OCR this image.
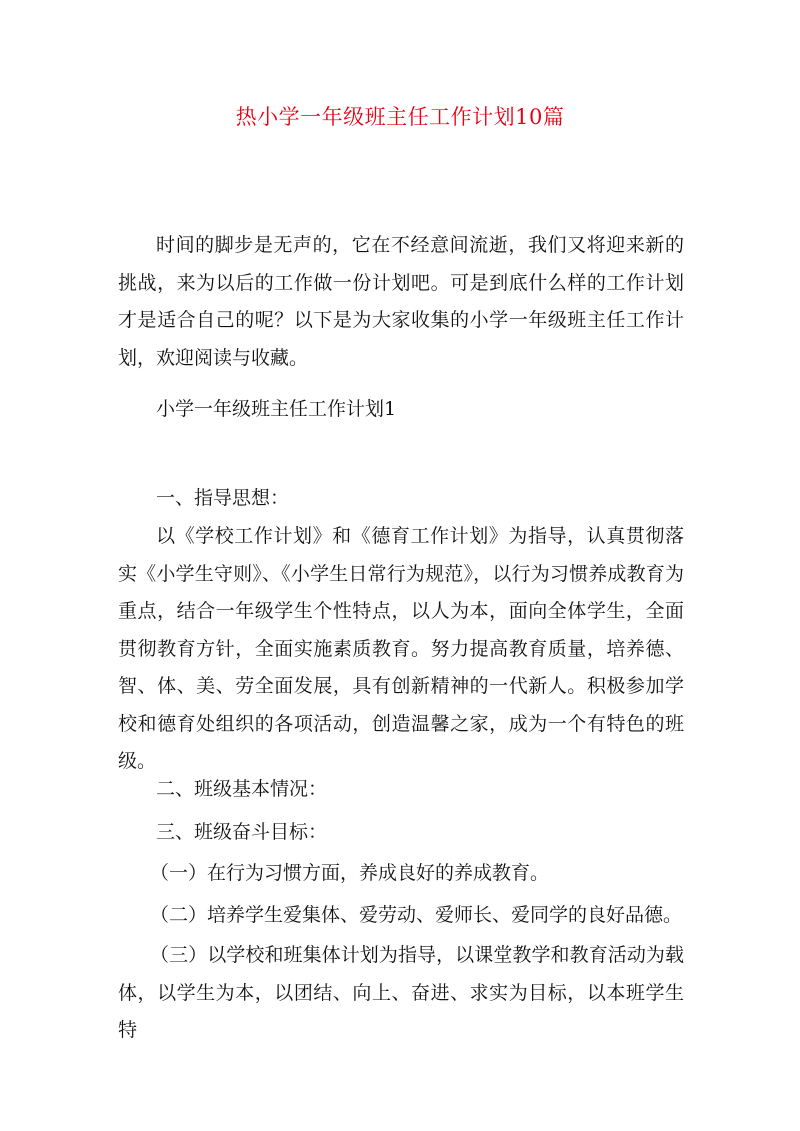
热小学一年级班主任工作计划10篇
时间的脚步是无声的，它在不经意间流逝，我们又将迎来新的挑战，来为以后的工作做一份计划吧。可是到底什么样的工作计划才是适合自己的呢？以下是为大家收集的小学一年级班主任工作计划，欢迎阅读与收藏。
小学一年级班主任工作计划1
一、指导思想：
以《学校工作计划》和《德育工作计划》为指导，认真贯彻落实《小学生守则》、《小学生日常行为规范》，以行为习惯养成教育为重点，结合一年级学生个性特点，以人为本，面向全体学生，全面贯彻教育方针，全面实施素质教育。努力提高教育质量，培养德、智、体、美、劳全面发展，具有创新精神的一代新人。积极参加学校和德育处组织的各项活动，创造温馨之家，成为一个有特色的班级。
二、班级基本情况：
三、班级奋斗目标：
（一）在行为习惯方面，养成良好的养成教育。
（二）培养学生爱集体、爱劳动、爱师长、爱同学的良好品德。
（三）以学校和班集体计划为指导，以课堂教学和教育活动为载体，以学生为本，以团结、向上、奋进、求实为目标，以本班学生特
